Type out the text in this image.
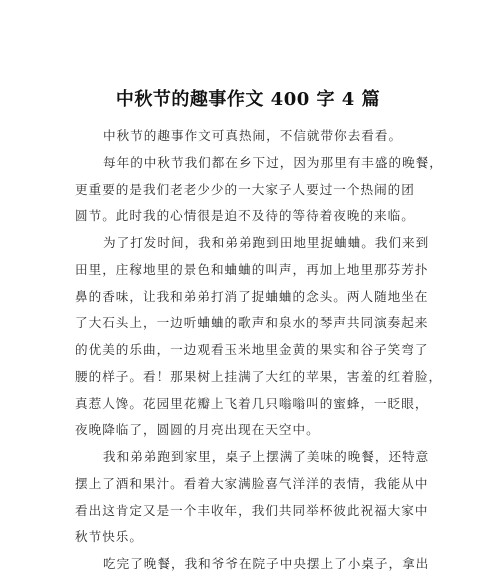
中秋节的趣事作文 400 字 4 篇
中秋节的趣事作文可真热闹，不信就带你去看看。
每年的中秋节我们都在乡下过，因为那里有丰盛的晚餐，
更重要的是我们老老少少的一大家子人要过一个热闹的团
圆节。此时我的心情很是迫不及待的等待着夜晚的来临。
为了打发时间，我和弟弟跑到田地里捉蛐蛐。我们来到
田里，庄稼地里的景色和蛐蛐的叫声，再加上地里那芬芳扑
鼻的香味，让我和弟弟打消了捉蛐蛐的念头。两人随地坐在
了大石头上，一边听蛐蛐的歌声和泉水的琴声共同演奏起来
的优美的乐曲，一边观看玉米地里金黄的果实和谷子笑弯了
腰的样子。看！那果树上挂满了大红的苹果，害羞的红着脸，
真惹人馋。花园里花瓣上飞着几只嗡嗡叫的蜜蜂，一眨眼，
夜晚降临了，圆圆的月亮出现在天空中。
我和弟弟跑到家里，桌子上摆满了美味的晚餐，还特意
摆上了酒和果汁。看着大家满脸喜气洋洋的表情，我能从中
看出这肯定又是一个丰收年，我们共同举杯彼此祝福大家中
秋节快乐。
吃完了晚餐，我和爷爷在院子中央摆上了小桌子，拿出
